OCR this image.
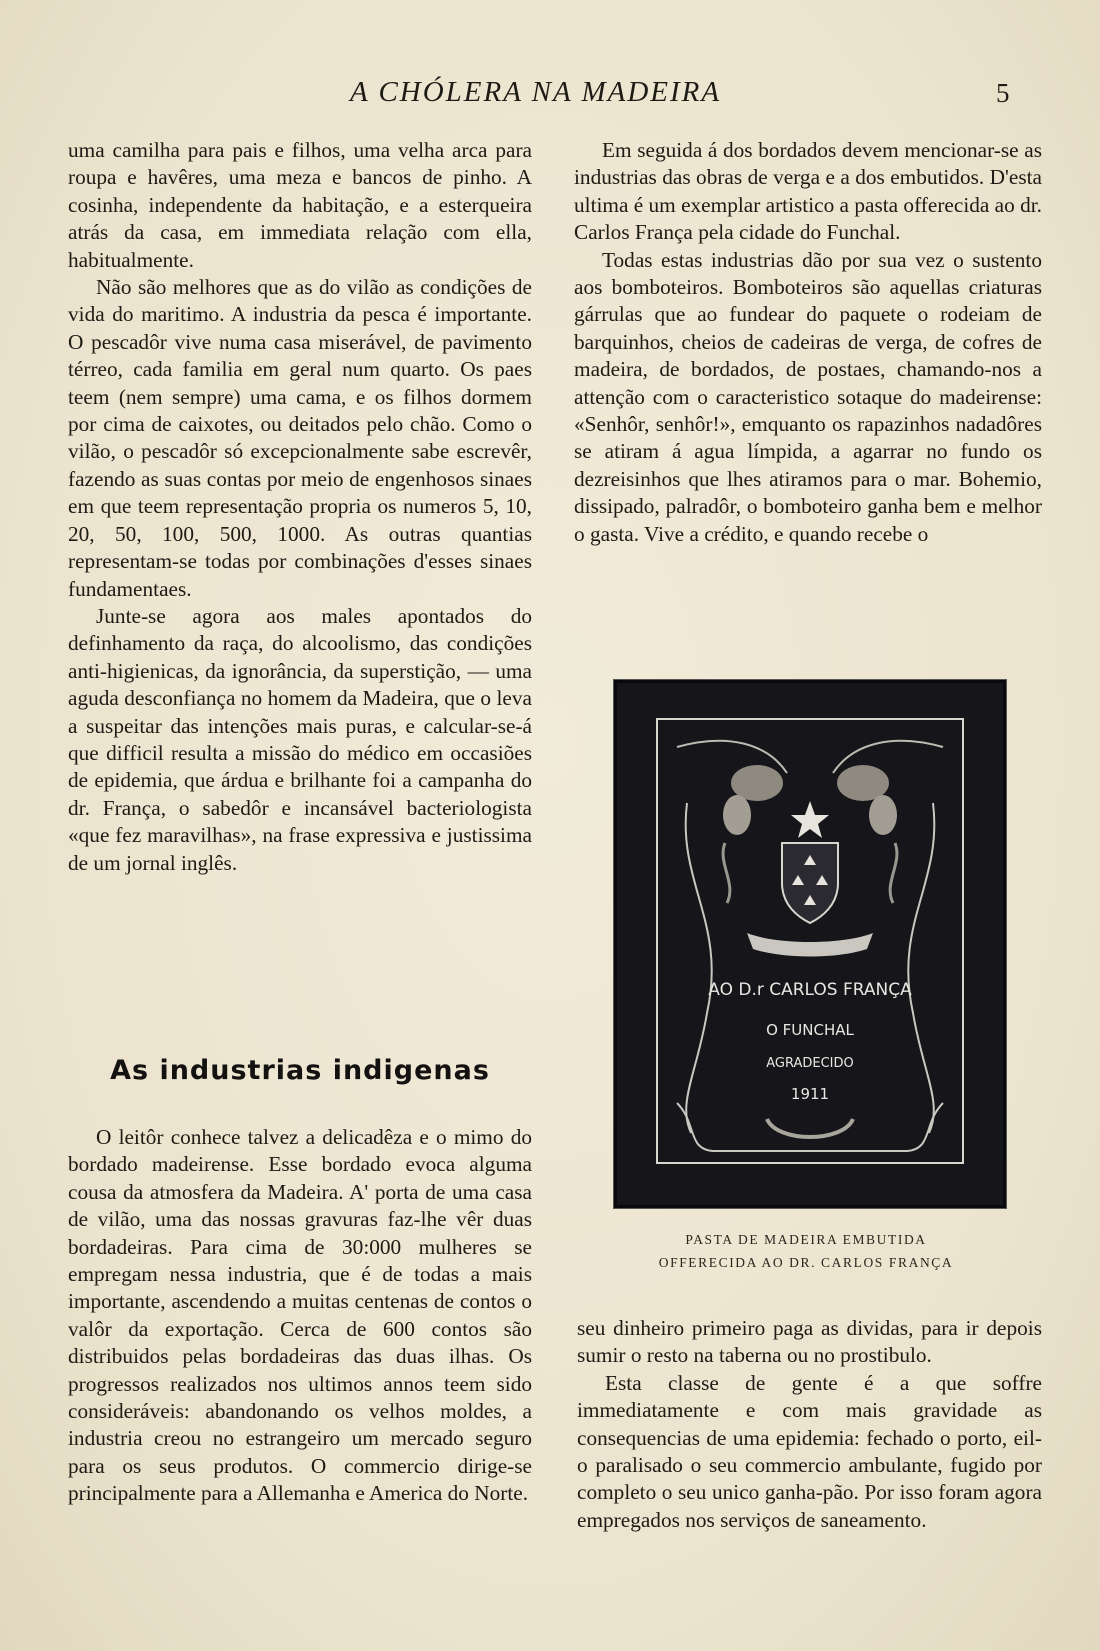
A CHÓLERA NA MADEIRA	5

uma camilha para pais e filhos, uma velha arca para roupa e havêres, uma meza e bancos de pinho. A cosinha, independente da habitação, e a esterqueira atrás da casa, em immediata relação com ella, habitualmente.

Não são melhores que as do vilão as condições de vida do maritimo. A industria da pesca é importante. O pescadôr vive numa casa miserável, de pavimento térreo, cada familia em geral num quarto. Os paes teem (nem sempre) uma cama, e os filhos dormem por cima de caixotes, ou deitados pelo chão. Como o vilão, o pescadôr só excepcionalmente sabe escrevêr, fazendo as suas contas por meio de engenhosos sinaes em que teem representação propria os numeros 5, 10, 20, 50, 100, 500, 1000. As outras quantias representam-se todas por combinações d'esses sinaes fundamentaes.

Junte-se agora aos males apontados do definhamento da raça, do alcoolismo, das condições anti-higienicas, da ignorância, da superstição, — uma aguda desconfiança no homem da Madeira, que o leva a suspeitar das intenções mais puras, e calcular-se-á que difficil resulta a missão do médico em occasiões de epidemia, que árdua e brilhante foi a campanha do dr. França, o sabedôr e incansável bacteriologista «que fez maravilhas», na frase expressiva e justissima de um jornal inglês.

As industrias indigenas

O leitôr conhece talvez a delicadêza e o mimo do bordado madeirense. Esse bordado evoca alguma cousa da atmosfera da Madeira. A' porta de uma casa de vilão, uma das nossas gravuras faz-lhe vêr duas bordadeiras. Para cima de 30:000 mulheres se empregam nessa industria, que é de todas a mais importante, ascendendo a muitas centenas de contos o valôr da exportação. Cerca de 600 contos são distribuidos pelas bordadeiras das duas ilhas. Os progressos realizados nos ultimos annos teem sido consideráveis: abandonando os velhos moldes, a industria creou no estrangeiro um mercado seguro para os seus produtos. O commercio dirige-se principalmente para a Allemanha e America do Norte.

Em seguida á dos bordados devem mencionar-se as industrias das obras de verga e a dos embutidos. D'esta ultima é um exemplar artistico a pasta offerecida ao dr. Carlos França pela cidade do Funchal.

Todas estas industrias dão por sua vez o sustento aos bomboteiros. Bomboteiros são aquellas criaturas gárrulas que ao fundear do paquete o rodeiam de barquinhos, cheios de cadeiras de verga, de cofres de madeira, de bordados, de postaes, chamando-nos a attenção com o caracteristico sotaque do madeirense: «Senhôr, senhôr!», emquanto os rapazinhos nadadôres se atiram á agua límpida, a agarrar no fundo os dezreisinhos que lhes atiramos para o mar. Bohemio, dissipado, palradôr, o bomboteiro ganha bem e melhor o gasta. Vive a crédito, e quando recebe o

AO D.r CARLOS FRANÇA
O FUNCHAL
AGRADECIDO
1911
PASTA DE MADEIRA EMBUTIDA
OFFERECIDA AO DR. CARLOS FRANÇA

seu dinheiro primeiro paga as dividas, para ir depois sumir o resto na taberna ou no prostibulo.

Esta classe de gente é a que soffre immediatamente e com mais gravidade as consequencias de uma epidemia: fechado o porto, eil-o paralisado o seu commercio ambulante, fugido por completo o seu unico ganha-pão. Por isso foram agora empregados nos serviços de saneamento.
